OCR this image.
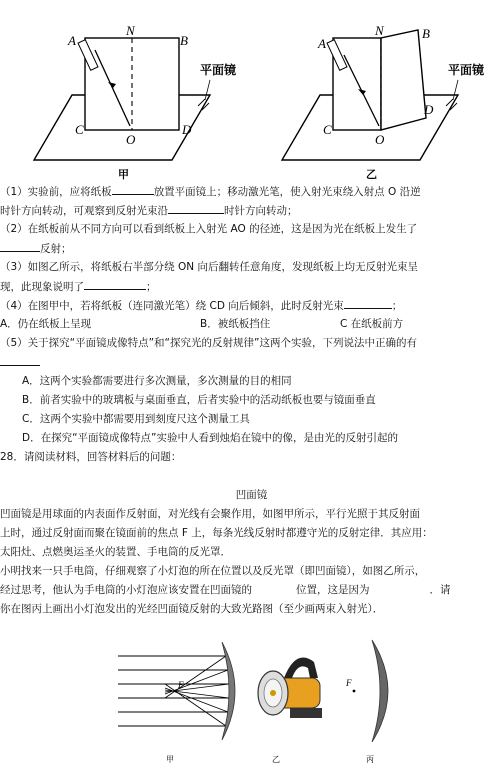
A
N
B
C
O
D
平面镜
甲
A
N	B
C
O
D
平面镜
乙
（1）实验前，应将纸板	放置平面镜上；移动激光笔，使入射光束绕入射点 O 沿逆
时针方向转动，可观察到反射光束沿	时针方向转动；
（2）在纸板前从不同方向可以看到纸板上入射光 AO 的径迹，这是因为光在纸板上发生了
反射；
（3）如图乙所示，将纸板右半部分绕 ON 向后翻转任意角度，发现纸板上均无反射光束呈
现，此现象说明了	；
（4）在图甲中，若将纸板（连同激光笔）绕 CD 向后倾斜，此时反射光束	；
A．仍在纸板上呈现	B．被纸板挡住	C 在纸板前方
（5）关于探究“平面镜成像特点”和“探究光的反射规律”这两个实验，下列说法中正确的有
A．这两个实验都需要进行多次测量，多次测量的目的相同
B．前者实验中的玻璃板与桌面垂直，后者实验中的活动纸板也要与镜面垂直
C．这两个实验中都需要用到刻度尺这个测量工具
D．在探究“平面镜成像特点”实验中人看到烛焰在镜中的像，是由光的反射引起的
28．请阅读材料，回答材料后的问题：
凹面镜
凹面镜是用球面的内表面作反射面，对光线有会聚作用，如图甲所示，平行光照于其反射面
上时，通过反射面而聚在镜面前的焦点 F 上，每条光线反射时都遵守光的反射定律．其应用：
太阳灶、点燃奥运圣火的装置、手电筒的反光罩．
小明找来一只手电筒，仔细观察了小灯泡的所在位置以及反光罩（即凹面镜），如图乙所示，
经过思考，他认为手电筒的小灯泡应该安置在凹面镜的	位置，这是因为	．请
你在图丙上画出小灯泡发出的光经凹面镜反射的大致光路图（至少画两束入射光）．
F	F
甲	乙	丙
